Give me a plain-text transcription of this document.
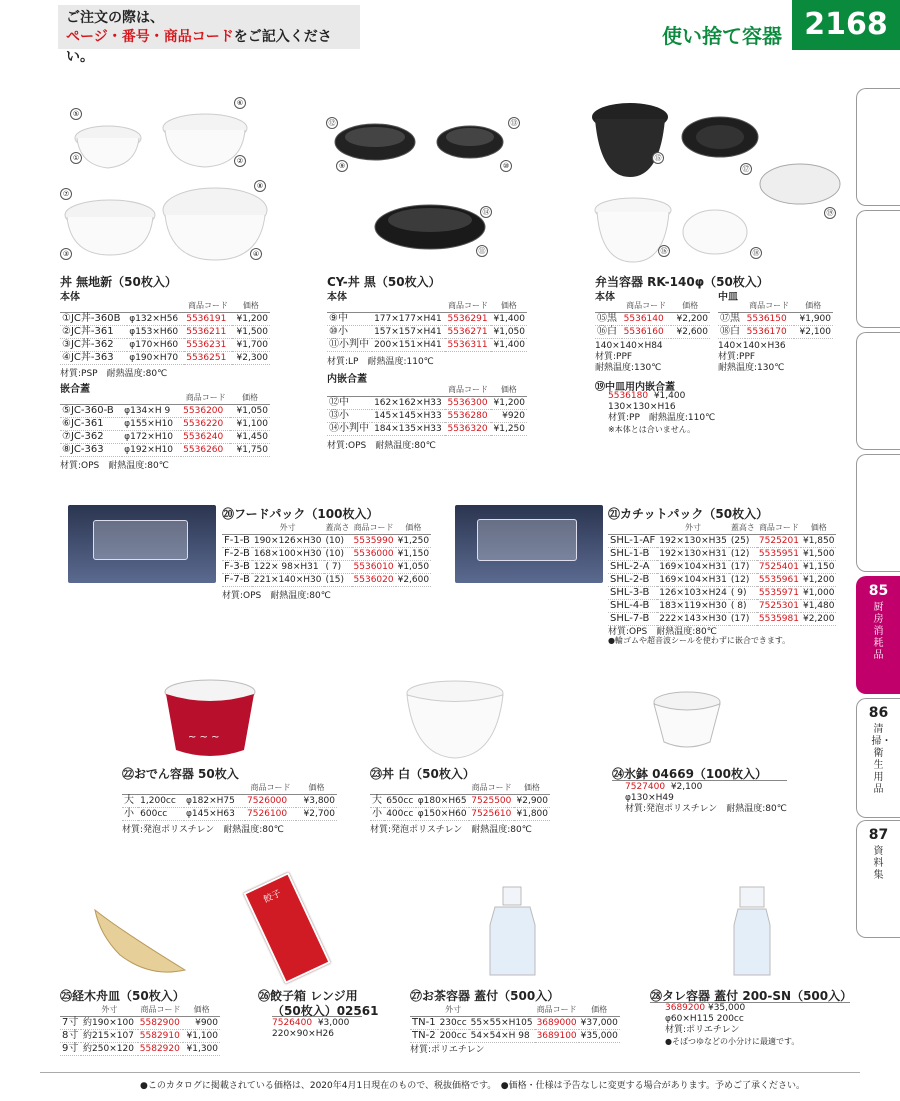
ご注文の際は、
ページ・番号・商品コードをご記入ください。
使い捨て容器 2168
85
厨房消耗品
86
清掃・衛生用品
87
資料集
⑤
⑥
①	②
⑦
⑧
③	④
丼 無地新（50枚入）
本体
		商品コード	価格
①JC丼-360B	φ132×H56	5536191	¥1,200
②JC丼-361	φ153×H60	5536211	¥1,500
③JC丼-362	φ170×H60	5536231	¥1,700
④JC丼-363	φ190×H70	5536251	¥2,300
材質:PSP　耐熱温度:80℃
嵌合蓋
		商品コード	価格
⑤JC-360-B	φ134×H 9	5536200	¥1,050
⑥JC-361	φ155×H10	5536220	¥1,100
⑦JC-362	φ172×H10	5536240	¥1,450
⑧JC-363	φ192×H10	5536260	¥1,750
材質:OPS　耐熱温度:80℃
⑫	⑬
⑨	⑩
⑭
⑪
CY-丼 黒（50枚入）
本体
		商品コード	価格
⑨中	177×177×H41	5536291	¥1,400
⑩小	157×157×H41	5536271	¥1,050
⑪小判中	200×151×H41	5536311	¥1,400
材質:LP　耐熱温度:110℃
内嵌合蓋
		商品コード	価格
⑫中	162×162×H33	5536300	¥1,200
⑬小	145×145×H33	5536280	¥920
⑭小判中	184×135×H33	5536320	¥1,250
材質:OPS　耐熱温度:80℃
⑮
⑰
⑲
⑯	⑱
弁当容器 RK-140φ（50枚入）
本体	中皿
	商品コード	価格
⑮黒	5536140	¥2,200
⑯白	5536160	¥2,600
	商品コード	価格
⑰黒	5536150	¥1,900
⑱白	5536170	¥2,100
140×140×H84
材質:PPF
耐熱温度:130℃
140×140×H36
材質:PPF
耐熱温度:130℃
⑲中皿用内嵌合蓋
5536180 ¥1,400
130×130×H16
材質:PP　耐熱温度:110℃
※本体とは合いません。
⑳フードパック（100枚入）
	外寸	蓋高さ	商品コード	価格
F-1-B	190×126×H30	(10)	5535990	¥1,250
F-2-B	168×100×H30	(10)	5536000	¥1,150
F-3-B	122× 98×H31	( 7)	5536010	¥1,050
F-7-B	221×140×H30	(15)	5536020	¥2,600
材質:OPS　耐熱温度:80℃
㉑カチットパック（50枚入）
	外寸	蓋高さ	商品コード	価格
SHL-1-AF	192×130×H35	(25)	7525201	¥1,850
SHL-1-B	192×130×H31	(12)	5535951	¥1,500
SHL-2-A	169×104×H31	(17)	7525401	¥1,150
SHL-2-B	169×104×H31	(12)	5535961	¥1,200
SHL-3-B	126×103×H24	( 9)	5535971	¥1,000
SHL-4-B	183×119×H30	( 8)	7525301	¥1,480
SHL-7-B	222×143×H30	(17)	5535981	¥2,200
材質:OPS　耐熱温度:80℃
●輪ゴムや超音波シールを使わずに嵌合できます。
~ ~ ~
㉒おでん容器 50枚入
			商品コード	価格
大	1,200cc	φ182×H75	7526000	¥3,800
小	600cc	φ145×H63	7526100	¥2,700
材質:発泡ポリスチレン　耐熱温度:80℃
㉓丼 白（50枚入）
			商品コード	価格
大	650cc	φ180×H65	7525500	¥2,900
小	400cc	φ150×H60	7525610	¥1,800
材質:発泡ポリスチレン　耐熱温度:80℃
㉔氷鉢 04669（100枚入）
7527400 ¥2,100
φ130×H49
材質:発泡ポリスチレン　耐熱温度:80℃
㉕経木舟皿（50枚入）
	外寸	商品コード	価格
7寸	約190×100	5582900	¥900
8寸	約215×107	5582910	¥1,100
9寸	約250×120	5582920	¥1,300
餃子
㉖餃子箱 レンジ用
（50枚入）02561
7526400 ¥3,000
220×90×H26
㉗お茶容器 蓋付（500入）
	外寸		商品コード	価格
TN-1	230cc	55×55×H105	3689000	¥37,000
TN-2	200cc	54×54×H 98	3689100	¥35,000
材質:ポリエチレン
㉘タレ容器 蓋付 200-SN（500入）
3689200 ¥35,000
φ60×H115 200cc
材質:ポリエチレン
●そばつゆなどの小分けに最適です。
●このカタログに掲載されている価格は、2020年4月1日現在のもので、税抜価格です。　●価格・仕様は予告なしに変更する場合があります。予めご了承ください。
